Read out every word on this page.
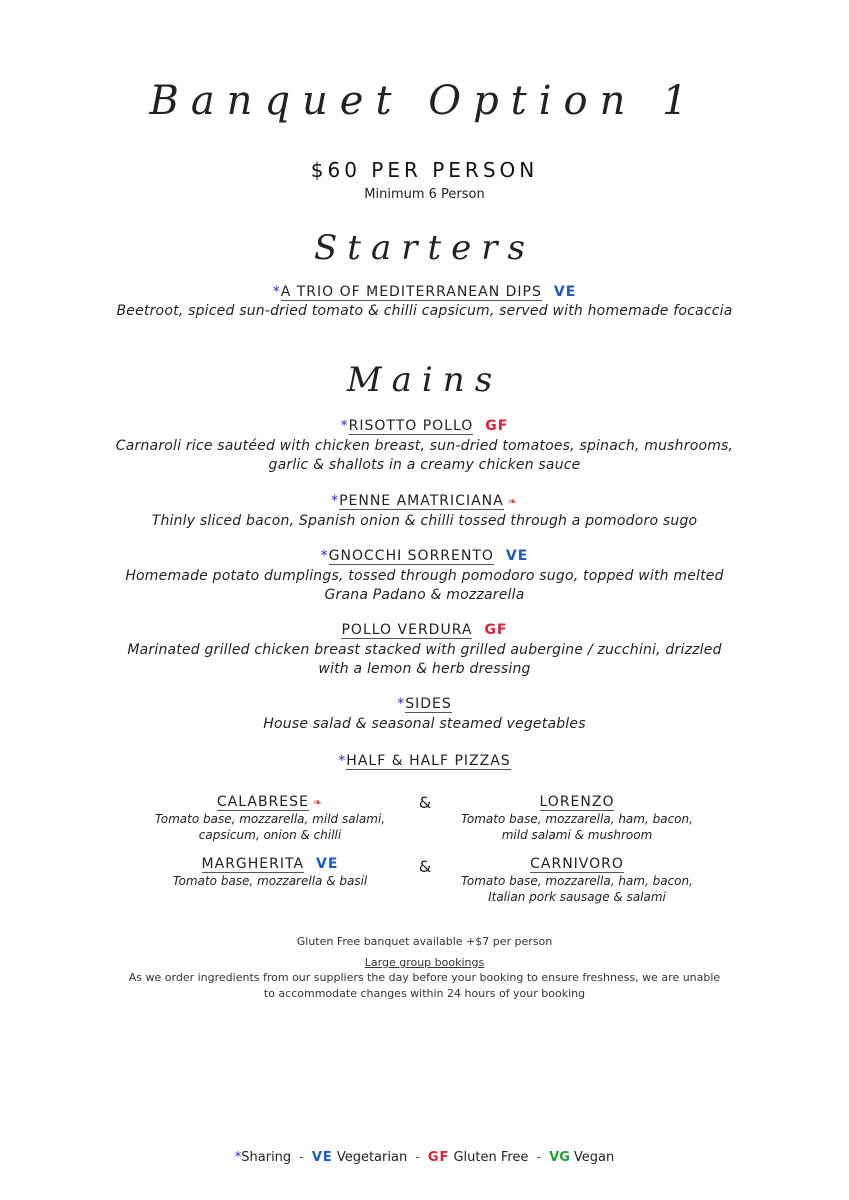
Banquet Option 1
$60 PER PERSON
Minimum 6 Person
Starters
*A TRIO OF MEDITERRANEAN DIPS VE
Beetroot, spiced sun-dried tomato & chilli capsicum, served with homemade focaccia
Mains
*RISOTTO POLLO GF
Carnaroli rice sautéed with chicken breast, sun-dried tomatoes, spinach, mushrooms,
garlic & shallots in a creamy chicken sauce
*PENNE AMATRICIANA ❧
Thinly sliced bacon, Spanish onion & chilli tossed through a pomodoro sugo
*GNOCCHI SORRENTO VE
Homemade potato dumplings, tossed through pomodoro sugo, topped with melted
Grana Padano & mozzarella
POLLO VERDURA GF
Marinated grilled chicken breast stacked with grilled aubergine / zucchini, drizzled
with a lemon & herb dressing
*SIDES
House salad & seasonal steamed vegetables
*HALF & HALF PIZZAS
CALABRESE ❧
Tomato base, mozzarella, mild salami,
capsicum, onion & chilli
&	LORENZO
Tomato base, mozzarella, ham, bacon,
mild salami & mushroom
MARGHERITA VE
Tomato base, mozzarella & basil
&	CARNIVORO
Tomato base, mozzarella, ham, bacon,
Italian pork sausage & salami
Gluten Free banquet available +$7 per person
Large group bookings
As we order ingredients from our suppliers the day before your booking to ensure freshness, we are unable
to accommodate changes within 24 hours of your booking
*Sharing - VE Vegetarian - GF Gluten Free - VG Vegan
